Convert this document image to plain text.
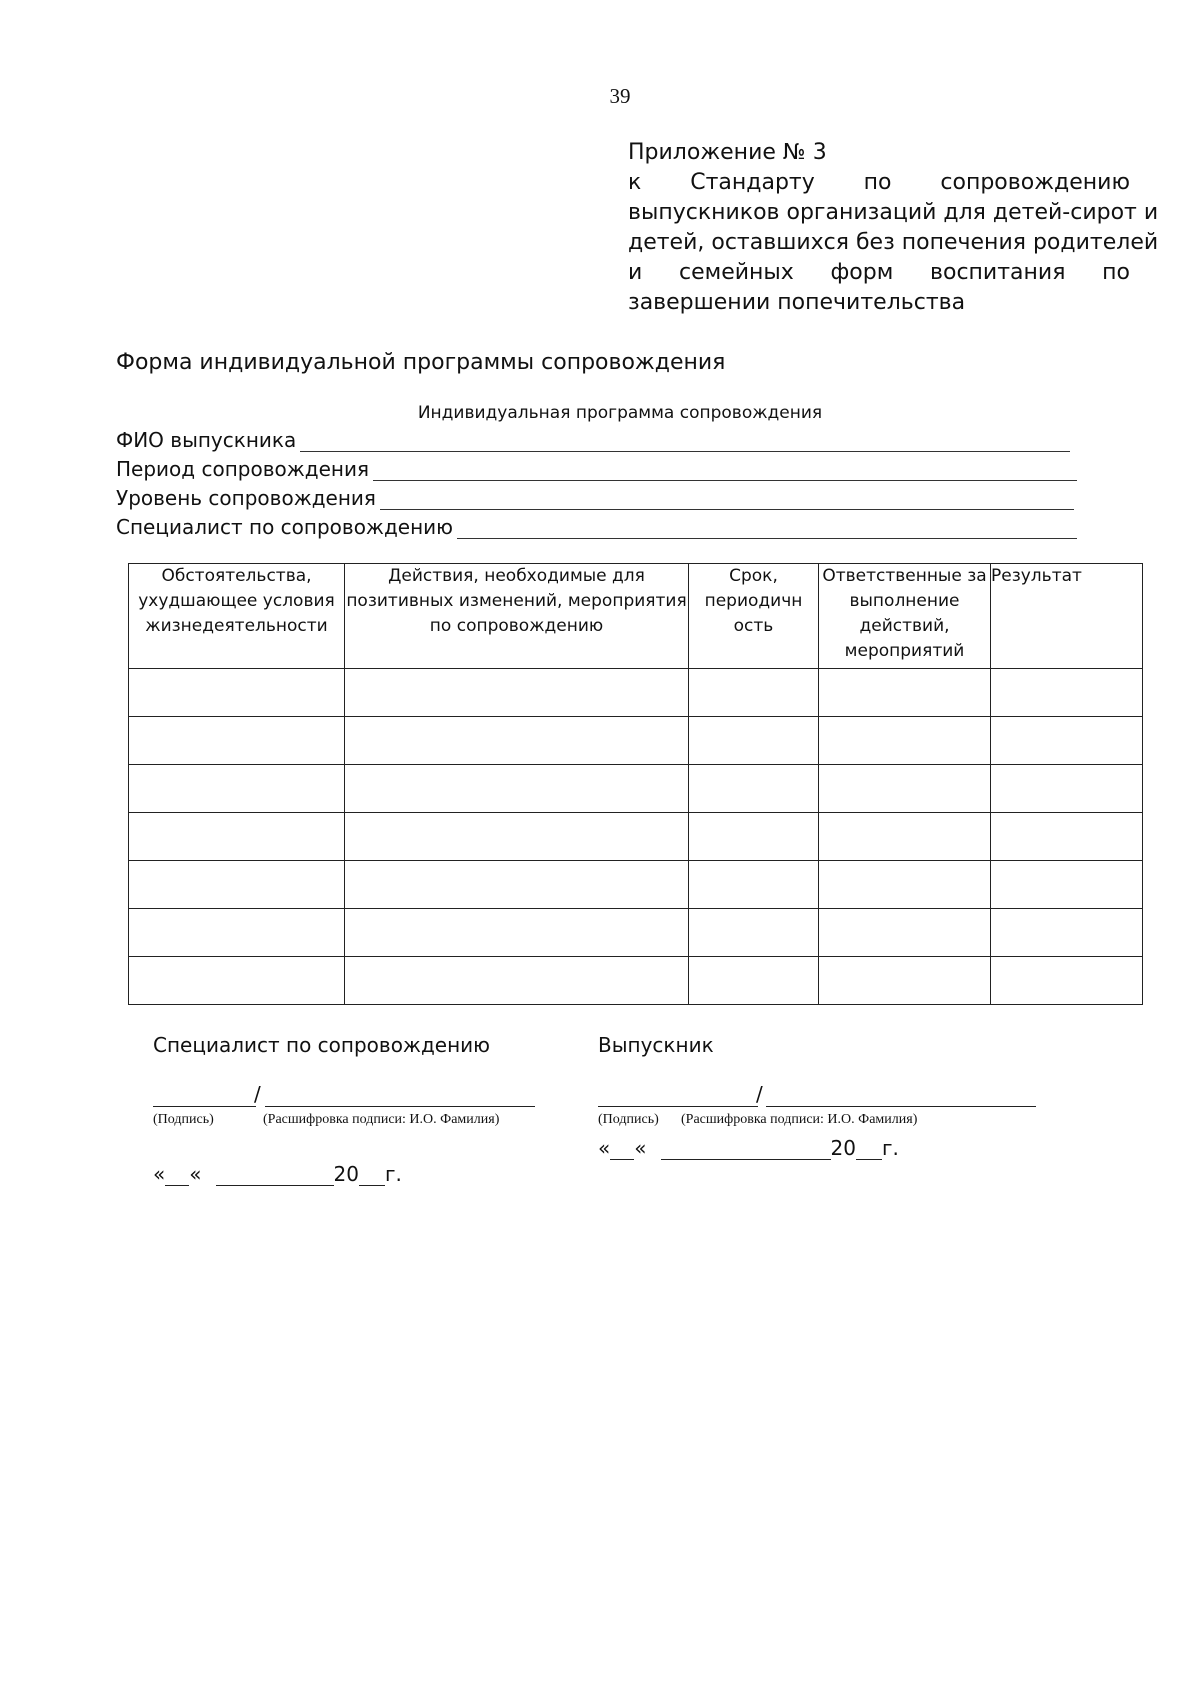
39
Приложение № 3
к Стандарту по сопровождению
выпускников организаций для детей-сирот и
детей, оставшихся без попечения родителей
и семейных форм воспитания по
завершении попечительства
Форма индивидуальной программы сопровождения
Индивидуальная программа сопровождения
ФИО выпускника
Период сопровождения
Уровень сопровождения
Специалист по сопровождению
Обстоятельства, ухудшающее условия жизнедеятельности	Действия, необходимые для позитивных изменений, мероприятия по сопровождению	Срок, периодичн ость	Ответственные за выполнение действий, мероприятий	Результат

Специалист по сопровождению
/
(Подпись)	(Расшифровка подписи: И.О. Фамилия)
« «	20 г.
Выпускник
/
(Подпись) (Расшифровка подписи: И.О. Фамилия)
« «	20 г.
